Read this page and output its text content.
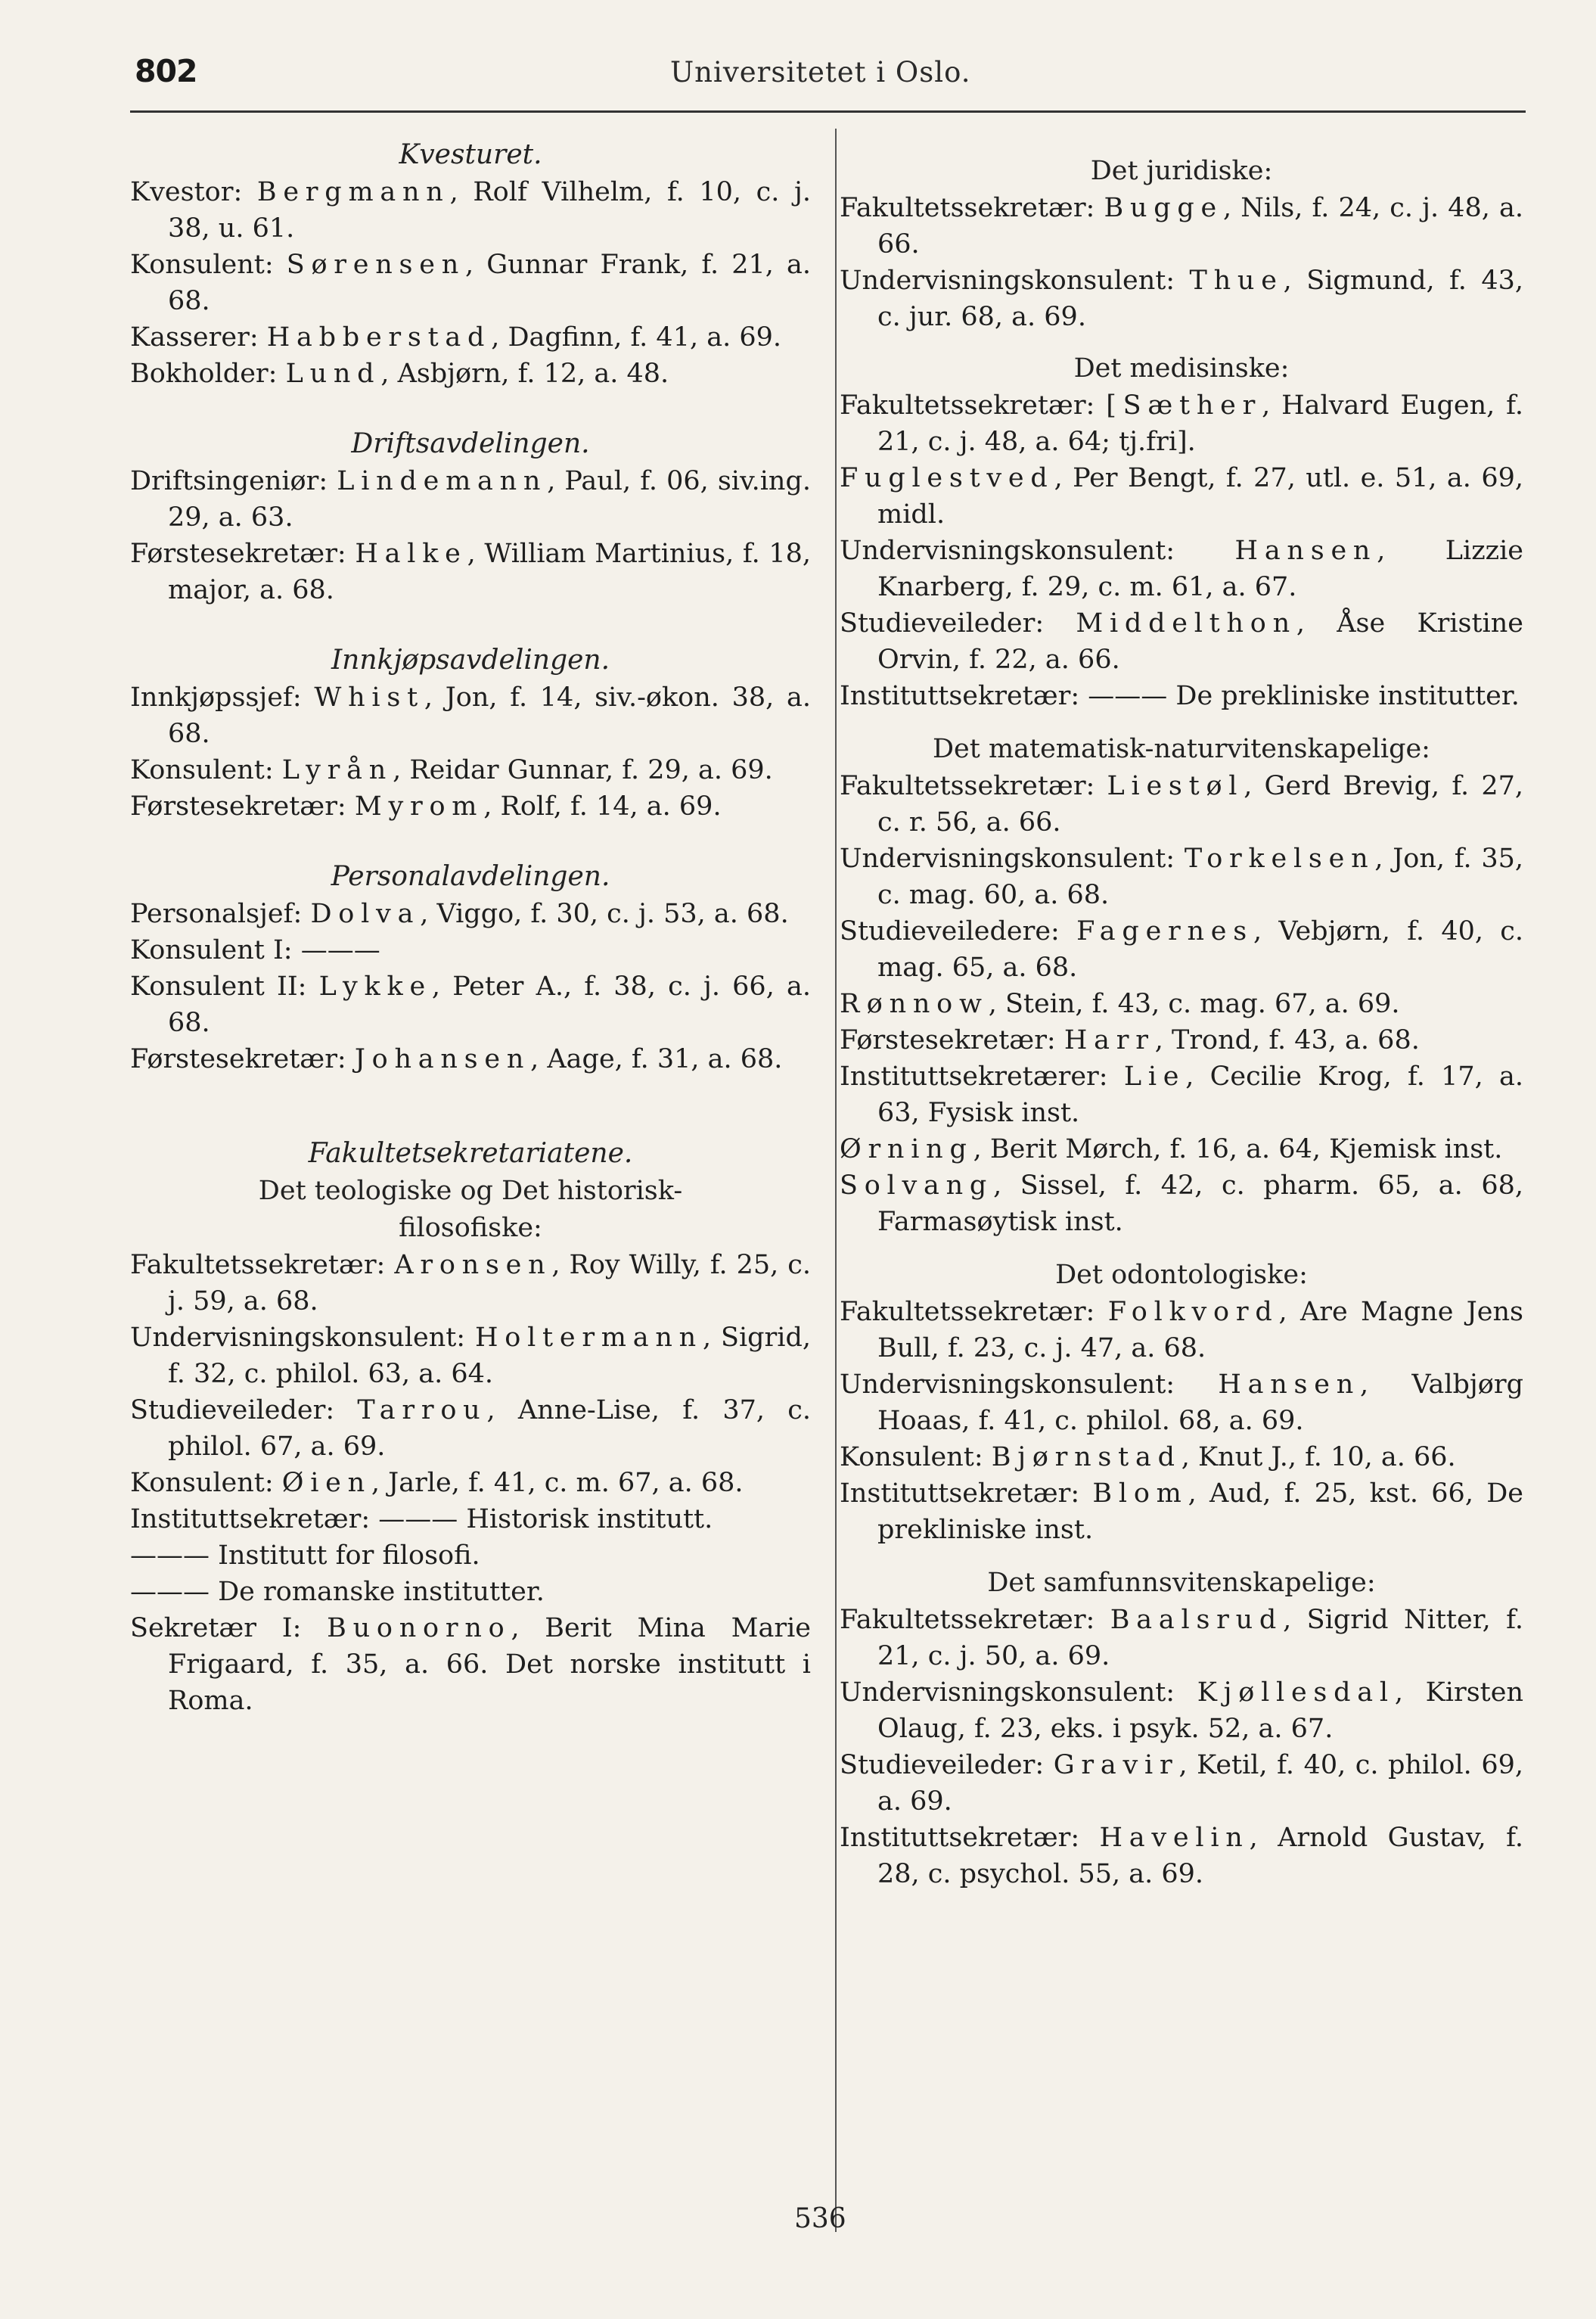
802	Universitetet i Oslo.

Kvesturet.

Kvestor: Bergmann, Rolf Vilhelm, f. 10, c. j. 38, u. 61.

Konsulent: Sørensen, Gunnar Frank, f. 21, a. 68.

Kasserer: Habberstad, Dagfinn, f. 41, a. 69.

Bokholder: Lund, Asbjørn, f. 12, a. 48.

Driftsavdelingen.

Driftsingeniør: Lindemann, Paul, f. 06, siv.ing. 29, a. 63.

Førstesekretær: Halke, William Martinius, f. 18, major, a. 68.

Innkjøpsavdelingen.

Innkjøpssjef: Whist, Jon, f. 14, siv.-økon. 38, a. 68.

Konsulent: Lyrån, Reidar Gunnar, f. 29, a. 69.

Førstesekretær: Myrom, Rolf, f. 14, a. 69.

Personalavdelingen.

Personalsjef: Dolva, Viggo, f. 30, c. j. 53, a. 68.

Konsulent I: ———

Konsulent II: Lykke, Peter A., f. 38, c. j. 66, a. 68.

Førstesekretær: Johansen, Aage, f. 31, a. 68.

Fakultetsekretariatene.

Det teologiske og Det historisk-filosofiske:

Fakultetssekretær: Aronsen, Roy Willy, f. 25, c. j. 59, a. 68.

Undervisningskonsulent: Holtermann, Sigrid, f. 32, c. philol. 63, a. 64.

Studieveileder: Tarrou, Anne-Lise, f. 37, c. philol. 67, a. 69.

Konsulent: Øien, Jarle, f. 41, c. m. 67, a. 68.

Instituttsekretær: ——— Historisk institutt.

——— Institutt for filosofi.

——— De romanske institutter.

Sekretær I: Buonorno, Berit Mina Marie Frigaard, f. 35, a. 66. Det norske institutt i Roma.

Det juridiske:

Fakultetssekretær: Bugge, Nils, f. 24, c. j. 48, a. 66.

Undervisningskonsulent: Thue, Sigmund, f. 43, c. jur. 68, a. 69.

Det medisinske:

Fakultetssekretær: [Sæther, Halvard Eugen, f. 21, c. j. 48, a. 64; tj.fri].

Fuglestved, Per Bengt, f. 27, utl. e. 51, a. 69, midl.

Undervisningskonsulent: Hansen, Lizzie Knarberg, f. 29, c. m. 61, a. 67.

Studieveileder: Middelthon, Åse Kristine Orvin, f. 22, a. 66.

Instituttsekretær: ——— De prekliniske institutter.

Det matematisk-naturvitenskapelige:

Fakultetssekretær: Liestøl, Gerd Brevig, f. 27, c. r. 56, a. 66.

Undervisningskonsulent: Torkelsen, Jon, f. 35, c. mag. 60, a. 68.

Studieveiledere: Fagernes, Vebjørn, f. 40, c. mag. 65, a. 68.

Rønnow, Stein, f. 43, c. mag. 67, a. 69.

Førstesekretær: Harr, Trond, f. 43, a. 68.

Instituttsekretærer: Lie, Cecilie Krog, f. 17, a. 63, Fysisk inst.

Ørning, Berit Mørch, f. 16, a. 64, Kjemisk inst.

Solvang, Sissel, f. 42, c. pharm. 65, a. 68, Farmasøytisk inst.

Det odontologiske:

Fakultetssekretær: Folkvord, Are Magne Jens Bull, f. 23, c. j. 47, a. 68.

Undervisningskonsulent: Hansen, Valbjørg Hoaas, f. 41, c. philol. 68, a. 69.

Konsulent: Bjørnstad, Knut J., f. 10, a. 66.

Instituttsekretær: Blom, Aud, f. 25, kst. 66, De prekliniske inst.

Det samfunnsvitenskapelige:

Fakultetssekretær: Baalsrud, Sigrid Nitter, f. 21, c. j. 50, a. 69.

Undervisningskonsulent: Kjøllesdal, Kirsten Olaug, f. 23, eks. i psyk. 52, a. 67.

Studieveileder: Gravir, Ketil, f. 40, c. philol. 69, a. 69.

Instituttsekretær: Havelin, Arnold Gustav, f. 28, c. psychol. 55, a. 69.

536
